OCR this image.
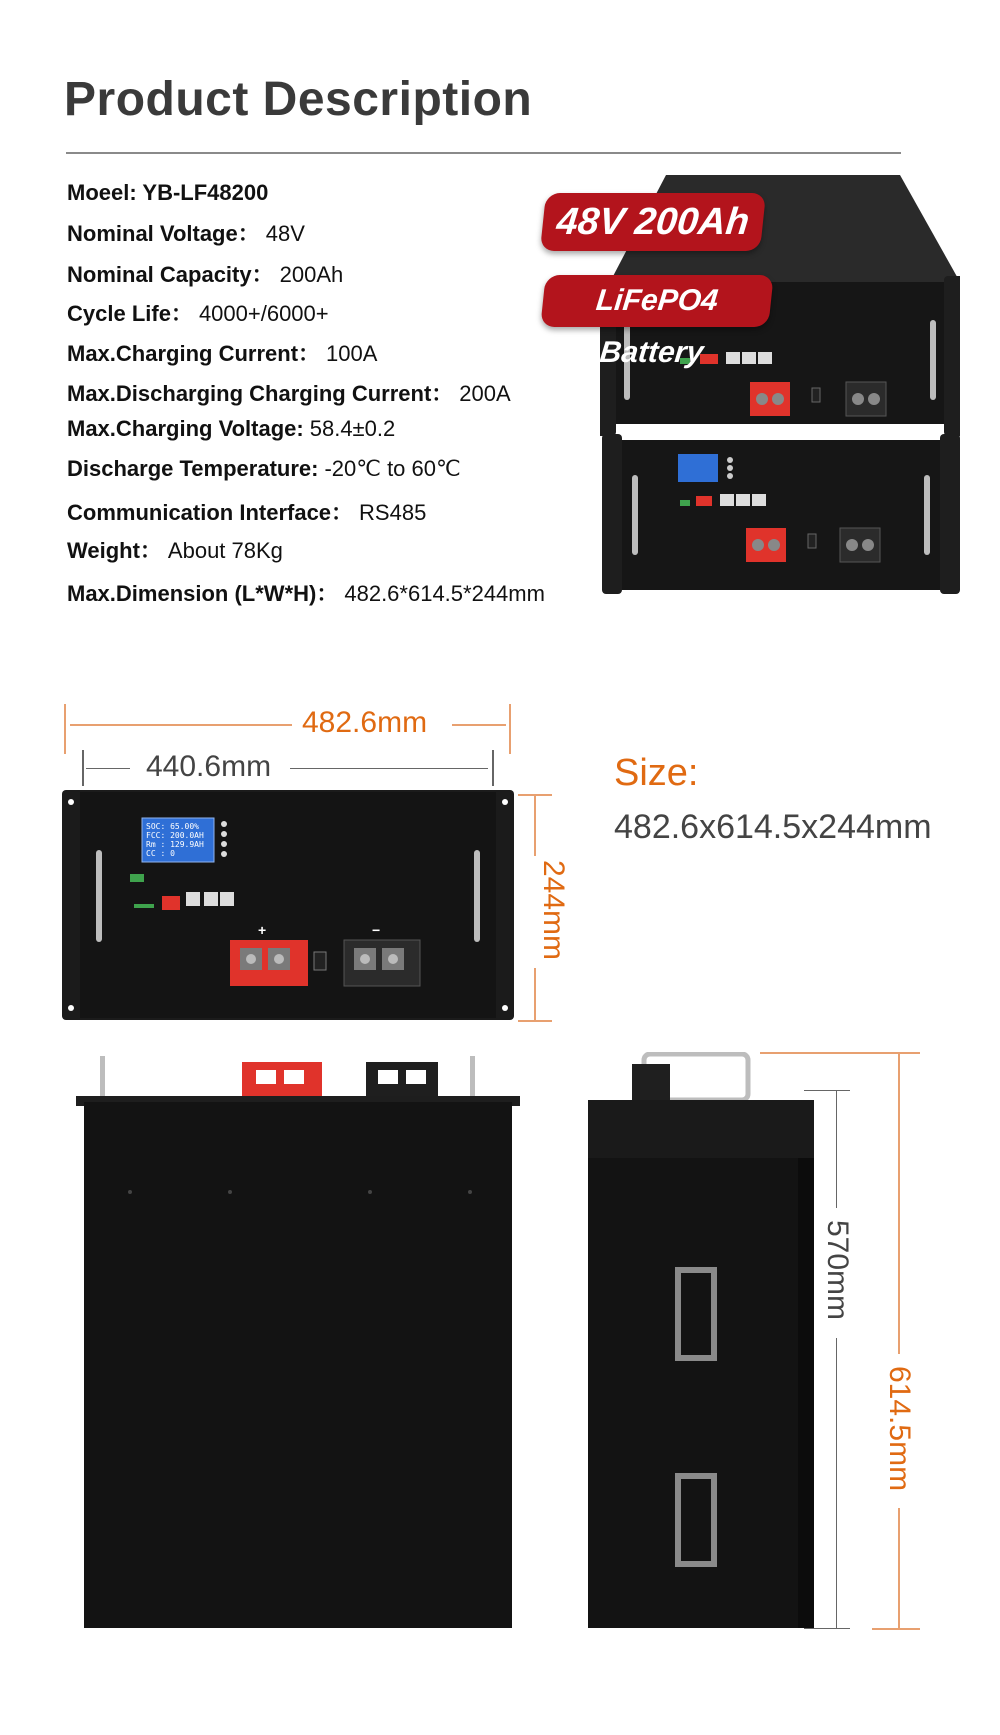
Product Description
Moeel: YB-LF48200
Nominal Voltage： 48V
Nominal Capacity： 200Ah
Cycle Life： 4000+/6000+
Max.Charging Current： 100A
Max.Discharging Charging Current： 200A
Max.Charging Voltage: 58.4±0.2
Discharge Temperature: -20℃ to 60℃
Communication Interface： RS485
Weight： About 78Kg
Max.Dimension (L*W*H)： 482.6*614.5*244mm
48V 200Ah
LiFePO4 Battery
482.6mm
440.6mm
244mm
SOC: 65.00%
FCC: 200.0AH
Rm : 129.9AH
CC : 0
+	−
Size:
482.6x614.5x244mm
570mm
614.5mm
